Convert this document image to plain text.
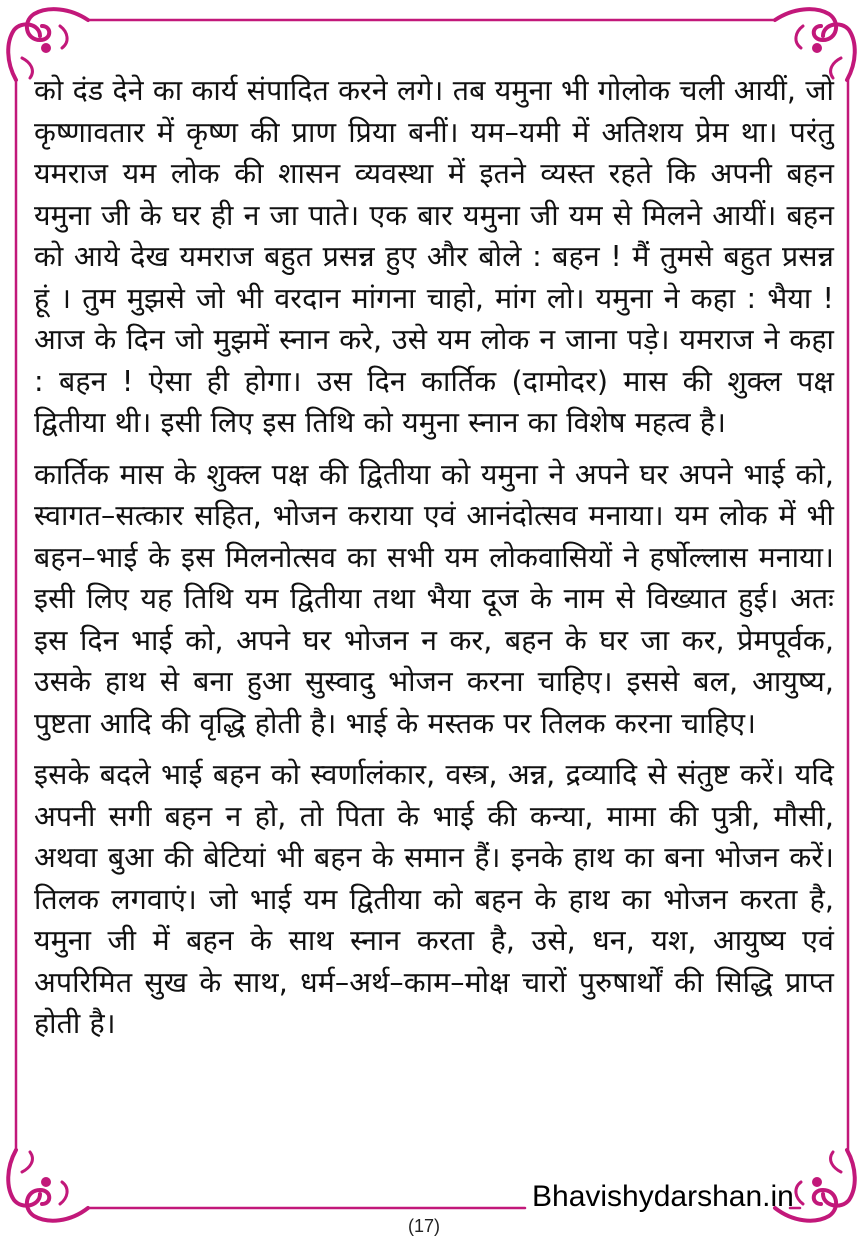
को दंड देने का कार्य संपादित करने लगे। तब यमुना भी गोलोक चली आयीं, जो कृष्णावतार में कृष्ण की प्राण प्रिया बनीं। यम–यमी में अतिशय प्रेम था। परंतु यमराज यम लोक की शासन व्यवस्था में इतने व्यस्त रहते कि अपनी बहन यमुना जी के घर ही न जा पाते। एक बार यमुना जी यम से मिलने आयीं। बहन को आये देख यमराज बहुत प्रसन्न हुए और बोले : बहन ! मैं तुमसे बहुत प्रसन्न हूं । तुम मुझसे जो भी वरदान मांगना चाहो, मांग लो। यमुना ने कहा : भैया ! आज के दिन जो मुझमें स्नान करे, उसे यम लोक न जाना पड़े। यमराज ने कहा : बहन ! ऐसा ही होगा। उस दिन कार्तिक (दामोदर) मास की शुक्ल पक्ष द्वितीया थी। इसी लिए इस तिथि को यमुना स्नान का विशेष महत्व है।

कार्तिक मास के शुक्ल पक्ष की द्वितीया को यमुना ने अपने घर अपने भाई को, स्वागत–सत्कार सहित, भोजन कराया एवं आनंदोत्सव मनाया। यम लोक में भी बहन–भाई के इस मिलनोत्सव का सभी यम लोकवासियों ने हर्षोल्लास मनाया। इसी लिए यह तिथि यम द्वितीया तथा भैया दूज के नाम से विख्यात हुई। अतः इस दिन भाई को, अपने घर भोजन न कर, बहन के घर जा कर, प्रेमपूर्वक, उसके हाथ से बना हुआ सुस्वादु भोजन करना चाहिए। इससे बल, आयुष्य, पुष्टता आदि की वृद्धि होती है। भाई के मस्तक पर तिलक करना चाहिए।

इसके बदले भाई बहन को स्वर्णालंकार, वस्त्र, अन्न, द्रव्यादि से संतुष्ट करें। यदि अपनी सगी बहन न हो, तो पिता के भाई की कन्या, मामा की पुत्री, मौसी, अथवा बुआ की बेटियां भी बहन के समान हैं। इनके हाथ का बना भोजन करें। तिलक लगवाएं। जो भाई यम द्वितीया को बहन के हाथ का भोजन करता है, यमुना जी में बहन के साथ स्नान करता है, उसे, धन, यश, आयुष्य एवं अपरिमित सुख के साथ, धर्म–अर्थ–काम–मोक्ष चारों पुरुषार्थों की सिद्धि प्राप्त होती है।

Bhavishydarshan.in
(17)
